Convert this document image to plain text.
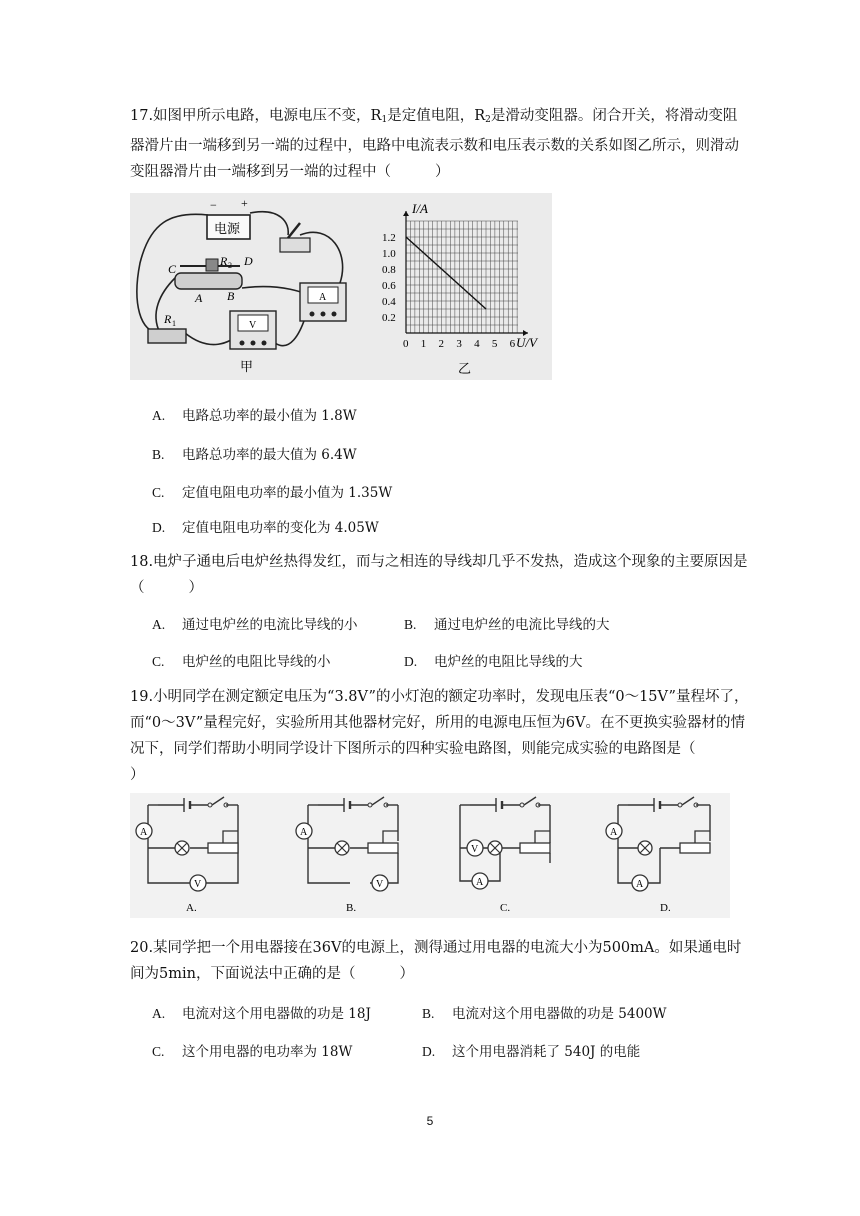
17.如图甲所示电路，电源电压不变，$R_1$是定值电阻，$R_2$是滑动变阻器。闭合开关，将滑动变阻器滑片由一端移到另一端的过程中，电路中电流表示数和电压表示数的关系如图乙所示，则滑动变阻器滑片由一端移到另一端的过程中（	）
电源
− +
C
R 2 D
A B
R 1	V
A
甲
0 1 2 3 4 5 6
0.2
0.4
0.6
0.8
1.0
1.2
I/A
U/V
乙
A. 电路总功率的最小值为 1.8W
B. 电路总功率的最大值为 6.4W
C. 定值电阻电功率的最小值为 1.35W
D. 定值电阻电功率的变化为 4.05W
18.电炉子通电后电炉丝热得发红，而与之相连的导线却几乎不发热，造成这个现象的主要原因是（	）
A. 通过电炉丝的电流比导线的小	B. 通过电炉丝的电流比导线的大
C. 电炉丝的电阻比导线的小	D. 电炉丝的电阻比导线的大
19.小明同学在测定额定电压为“3.8V”的小灯泡的额定功率时，发现电压表“0～15V”量程坏了，而“0～3V”量程完好，实验所用其他器材完好，所用的电源电压恒为6V。在不更换实验器材的情况下，同学们帮助小明同学设计下图所示的四种实验电路图，则能完成实验的电路图是（）
A
V
A.
A
V
B.
V
A
C.
A
A
D.
20.某同学把一个用电器接在36V的电源上，测得通过用电器的电流大小为500mA。如果通电时间为5min，下面说法中正确的是（	）
A. 电流对这个用电器做的功是 18J	B. 电流对这个用电器做的功是 5400W
C. 这个用电器的电功率为 18W	D. 这个用电器消耗了 540J 的电能
5
